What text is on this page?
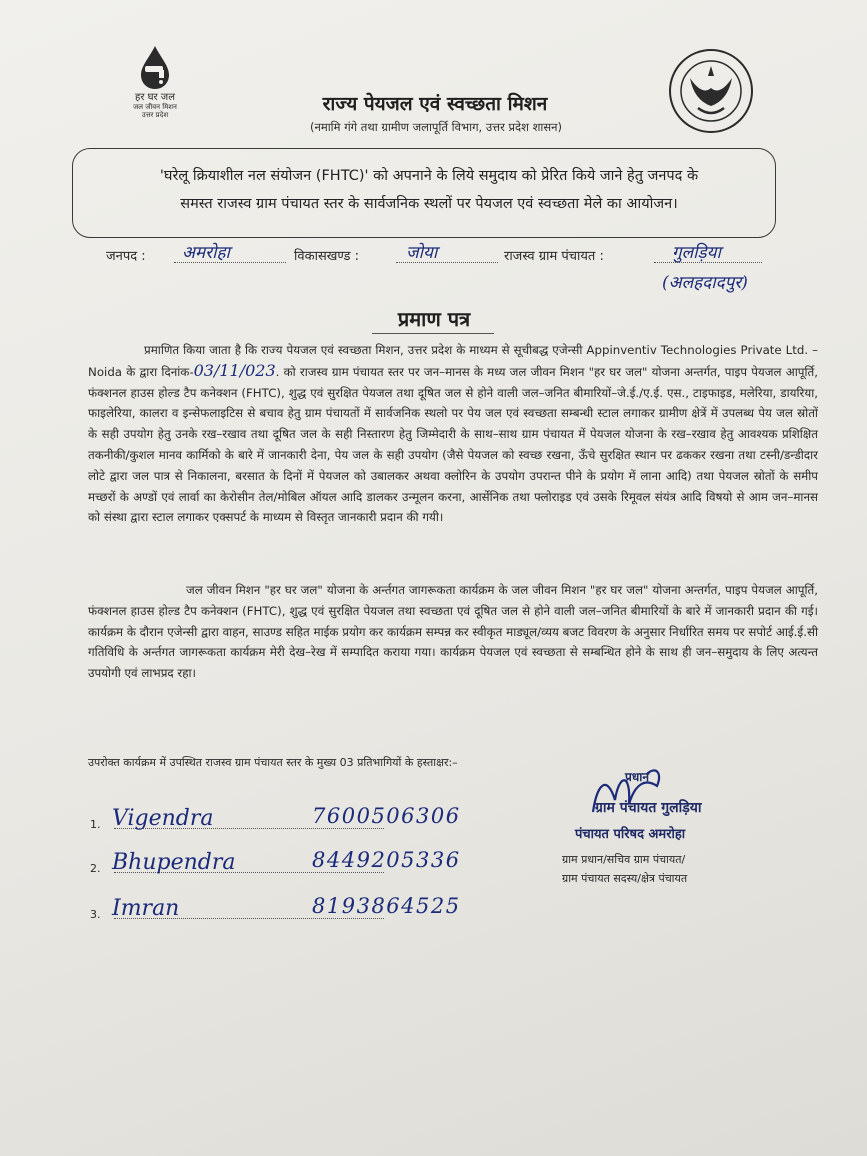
हर घर जल
जल जीवन मिशन
उत्तर प्रदेश	राज्य पेयजल एवं स्वच्छता मिशन
(नमामि गंगे तथा ग्रामीण जलापूर्ति विभाग, उत्तर प्रदेश शासन)
'घरेलू क्रियाशील नल संयोजन (FHTC)' को अपनाने के लिये समुदाय को प्रेरित किये जाने हेतु जनपद के
समस्त राजस्व ग्राम पंचायत स्तर के सार्वजनिक स्थलों पर पेयजल एवं स्वच्छता मेले का आयोजन।
जनपद : अमरोहा	विकासखण्ड :	जोया	राजस्व ग्राम पंचायत :	गुलड़िया
(अलहदादपुर)
प्रमाण पत्र
प्रमाणित किया जाता है कि राज्य पेयजल एवं स्वच्छता मिशन, उत्तर प्रदेश के माध्यम से सूचीबद्ध एजेन्सी Appinventiv Technologies Private Ltd. – Noida के द्वारा दिनांक-03/11/023. को राजस्व ग्राम पंचायत स्तर पर जन–मानस के मध्य जल जीवन मिशन "हर घर जल" योजना अन्तर्गत, पाइप पेयजल आपूर्ति, फंक्शनल हाउस होल्ड टैप कनेक्शन (FHTC), शुद्ध एवं सुरक्षित पेयजल तथा दूषित जल से होने वाली जल–जनित बीमारियों–जे.ई./ए.ई. एस., टाइफाइड, मलेरिया, डायरिया, फाइलेरिया, कालरा व इन्सेफलाइटिस से बचाव हेतु ग्राम पंचायतों में सार्वजनिक स्थलो पर पेय जल एवं स्वच्छता सम्बन्धी स्टाल लगाकर ग्रामीण क्षेत्रें में उपलब्ध पेय जल स्रोतों के सही उपयोग हेतु उनके रख–रखाव तथा दूषित जल के सही निस्तारण हेतु जिम्मेदारी के साथ–साथ ग्राम पंचायत में पेयजल योजना के रख–रखाव हेतु आवश्यक प्रशिक्षित तकनीकी/कुशल मानव कार्मिको के बारे में जानकारी देना, पेय जल के सही उपयोग (जैसे पेयजल को स्वच्छ रखना, ऊँचे सुरक्षित स्थान पर ढककर रखना तथा टस्नी/डन्डीदार लोटे द्वारा जल पात्र से निकालना, बरसात के दिनों में पेयजल को उबालकर अथवा क्लोरिन के उपयोग उपरान्त पीने के प्रयोग में लाना आदि) तथा पेयजल स्रोतों के समीप मच्छरों के अण्डों एवं लार्वा का केरोसीन तेल/मोबिल ऑयल आदि डालकर उन्मूलन करना, आर्सेनिक तथा फ्लोराइड एवं उसके रिमूवल संयंत्र आदि विषयो से आम जन–मानस को संस्था द्वारा स्टाल लगाकर एक्सपर्ट के माध्यम से विस्तृत जानकारी प्रदान की गयी।
जल जीवन मिशन "हर घर जल" योजना के अर्न्तगत जागरूकता कार्यक्रम के जल जीवन मिशन "हर घर जल" योजना अन्तर्गत, पाइप पेयजल आपूर्ति, फंक्शनल हाउस होल्ड टैप कनेक्शन (FHTC), शुद्ध एवं सुरक्षित पेयजल तथा स्वच्छता एवं दूषित जल से होने वाली जल–जनित बीमारियों के बारे में जानकारी प्रदान की गई। कार्यक्रम के दौरान एजेन्सी द्वारा वाहन, साउण्ड सहित माईक प्रयोग कर कार्यक्रम सम्पन्न कर स्वीकृत माड्यूल/व्यय बजट विवरण के अनुसार निर्धारित समय पर सपोर्ट आई.ई.सी गतिविधि के अर्न्तगत जागरूकता कार्यक्रम मेरी देख–रेख में सम्पादित कराया गया। कार्यक्रम पेयजल एवं स्वच्छता से सम्बन्धित होने के साथ ही जन–समुदाय के लिए अत्यन्त उपयोगी एवं लाभप्रद रहा।
उपरोक्त कार्यक्रम में उपस्थित राजस्व ग्राम पंचायत स्तर के मुख्य 03 प्रतिभागियों के हस्ताक्षर:–
1. Vigendra	7600506306
2. Bhupendra	8449205336
3. Imran	8193864525
प्रधान
ग्राम पंचायत गुलड़िया
पंचायत परिषद अमरोहा
ग्राम प्रधान/सचिव ग्राम पंचायत/
ग्राम पंचायत सदस्य/क्षेत्र पंचायत
